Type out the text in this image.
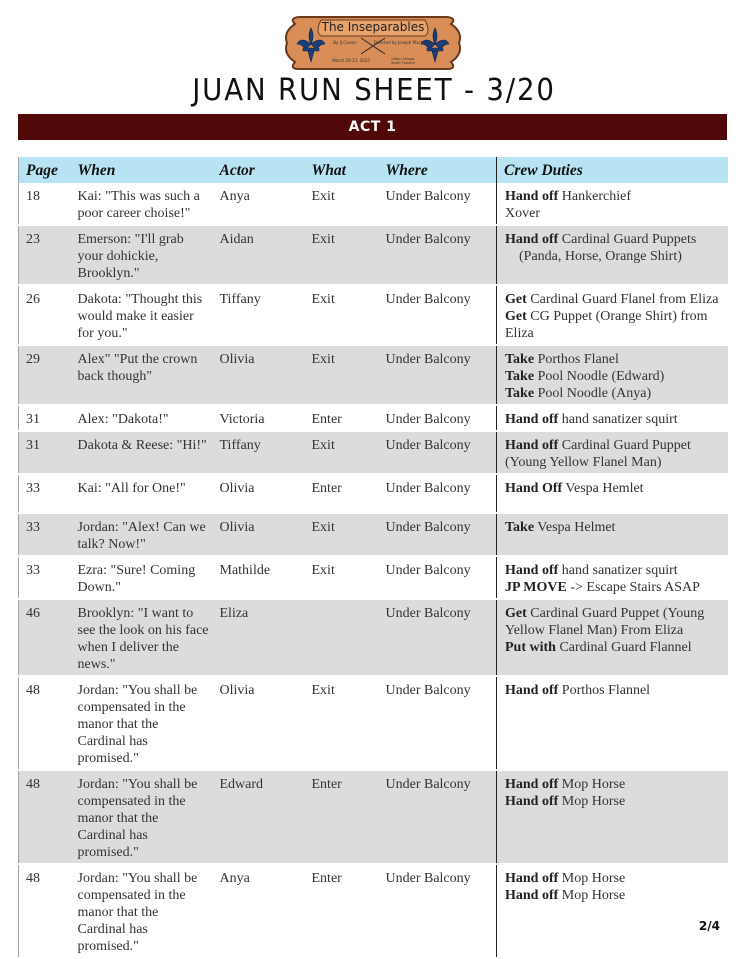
The Inseparables
By IJ Cowan	Directed by Joseph Mashburn
March 20-23, 2025	Hilton Village
Youth Theatre
JUAN RUN SHEET - 3/20
ACT 1
Page	When	Actor	What	Where	Crew Duties
18	Kai: "This was such a poor career choise!"	Anya	Exit	Under Balcony	Hand off Hankerchief
Xover

23	Emerson: "I'll grab your dohickie, Brooklyn."	Aidan	Exit	Under Balcony	Hand off Cardinal Guard Puppets
(Panda, Horse, Orange Shirt)

26	Dakota: "Thought this would make it easier for you."	Tiffany	Exit	Under Balcony	Get Cardinal Guard Flanel from Eliza
Get CG Puppet (Orange Shirt) from Eliza

29	Alex" "Put the crown back though"	Olivia	Exit	Under Balcony	Take Porthos Flanel
Take Pool Noodle (Edward)
Take Pool Noodle (Anya)

31	Alex: "Dakota!"	Victoria	Enter	Under Balcony	Hand off hand sanatizer squirt

31	Dakota & Reese: "Hi!"	Tiffany	Exit	Under Balcony	Hand off Cardinal Guard Puppet (Young Yellow Flanel Man)

33	Kai: "All for One!"	Olivia	Enter	Under Balcony	Hand Off Vespa Hemlet

33	Jordan: "Alex! Can we talk? Now!"	Olivia	Exit	Under Balcony	Take Vespa Helmet

33	Ezra: "Sure! Coming Down."	Mathilde	Exit	Under Balcony	Hand off hand sanatizer squirt
JP MOVE -> Escape Stairs ASAP

46	Brooklyn: "I want to see the look on his face when I deliver the news."	Eliza		Under Balcony	Get Cardinal Guard Puppet (Young Yellow Flanel Man) From Eliza
Put with Cardinal Guard Flannel

48	Jordan: "You shall be compensated in the manor that the Cardinal has promised."	Olivia	Exit	Under Balcony	Hand off Porthos Flannel

48	Jordan: "You shall be compensated in the manor that the Cardinal has promised."	Edward	Enter	Under Balcony	Hand off Mop Horse
Hand off Mop Horse

48	Jordan: "You shall be compensated in the manor that the Cardinal has promised."	Anya	Enter	Under Balcony	Hand off Mop Horse
Hand off Mop Horse
2/4
